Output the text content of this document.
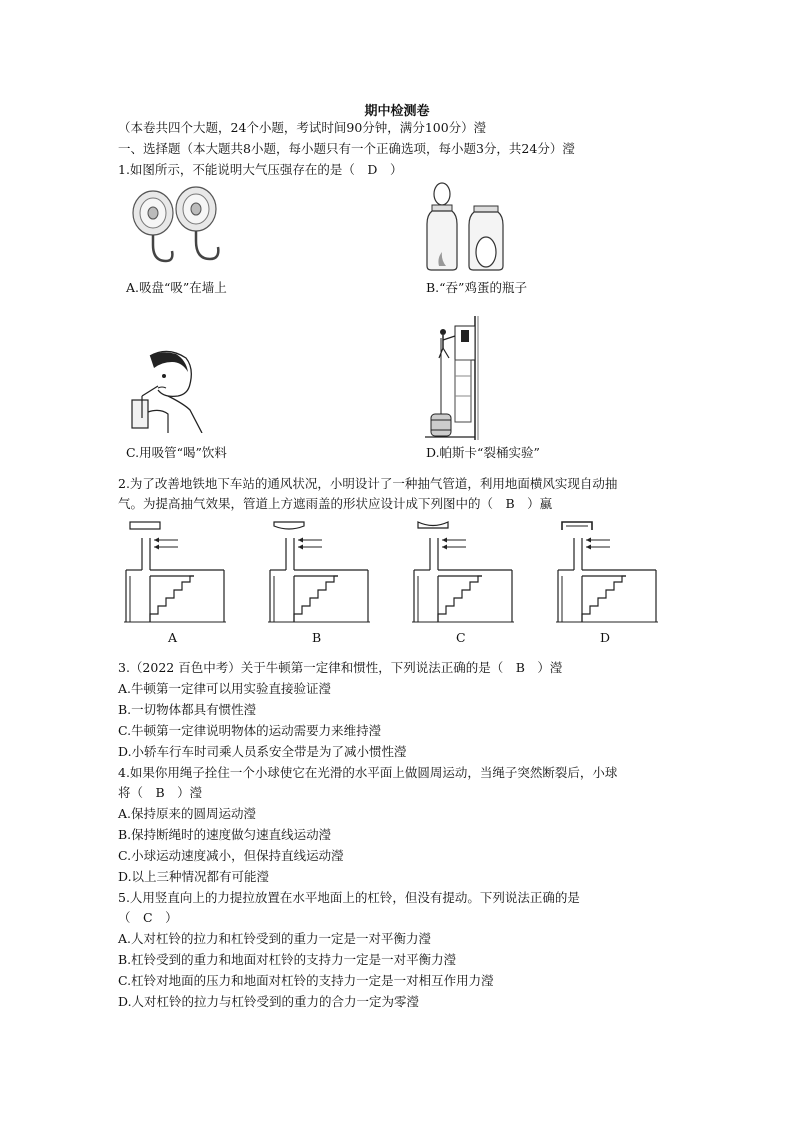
期中检测卷
（本卷共四个大题，24个小题，考试时间90分钟，满分100分）瀅
一、选择题（本大题共8小题，每小题只有一个正确选项，每小题3分，共24分）瀅
1.如图所示，不能说明大气压强存在的是（　D　）
A.吸盘“吸”在墙上	B.“吞”鸡蛋的瓶子
C.用吸管“喝”饮料	D.帕斯卡“裂桶实验”
2.为了改善地铁地下车站的通风状况，小明设计了一种抽气管道，利用地面横风实现自动抽
气。为提高抽气效果，管道上方遮雨盖的形状应设计成下列图中的（　B　）蠃
A	B	C	D
3.（2022 百色中考）关于牛顿第一定律和惯性，下列说法正确的是（　B　）瀅
A.牛顿第一定律可以用实验直接验证瀅
B.一切物体都具有惯性瀅
C.牛顿第一定律说明物体的运动需要力来维持瀅
D.小轿车行车时司乘人员系安全带是为了减小惯性瀅
4.如果你用绳子拴住一个小球使它在光滑的水平面上做圆周运动，当绳子突然断裂后，小球
将（　B　）瀅
A.保持原来的圆周运动瀅
B.保持断绳时的速度做匀速直线运动瀅
C.小球运动速度减小，但保持直线运动瀅
D.以上三种情况都有可能瀅
5.人用竖直向上的力提拉放置在水平地面上的杠铃，但没有提动。下列说法正确的是
（　C　）
A.人对杠铃的拉力和杠铃受到的重力一定是一对平衡力瀅
B.杠铃受到的重力和地面对杠铃的支持力一定是一对平衡力瀅
C.杠铃对地面的压力和地面对杠铃的支持力一定是一对相互作用力瀅
D.人对杠铃的拉力与杠铃受到的重力的合力一定为零瀅
